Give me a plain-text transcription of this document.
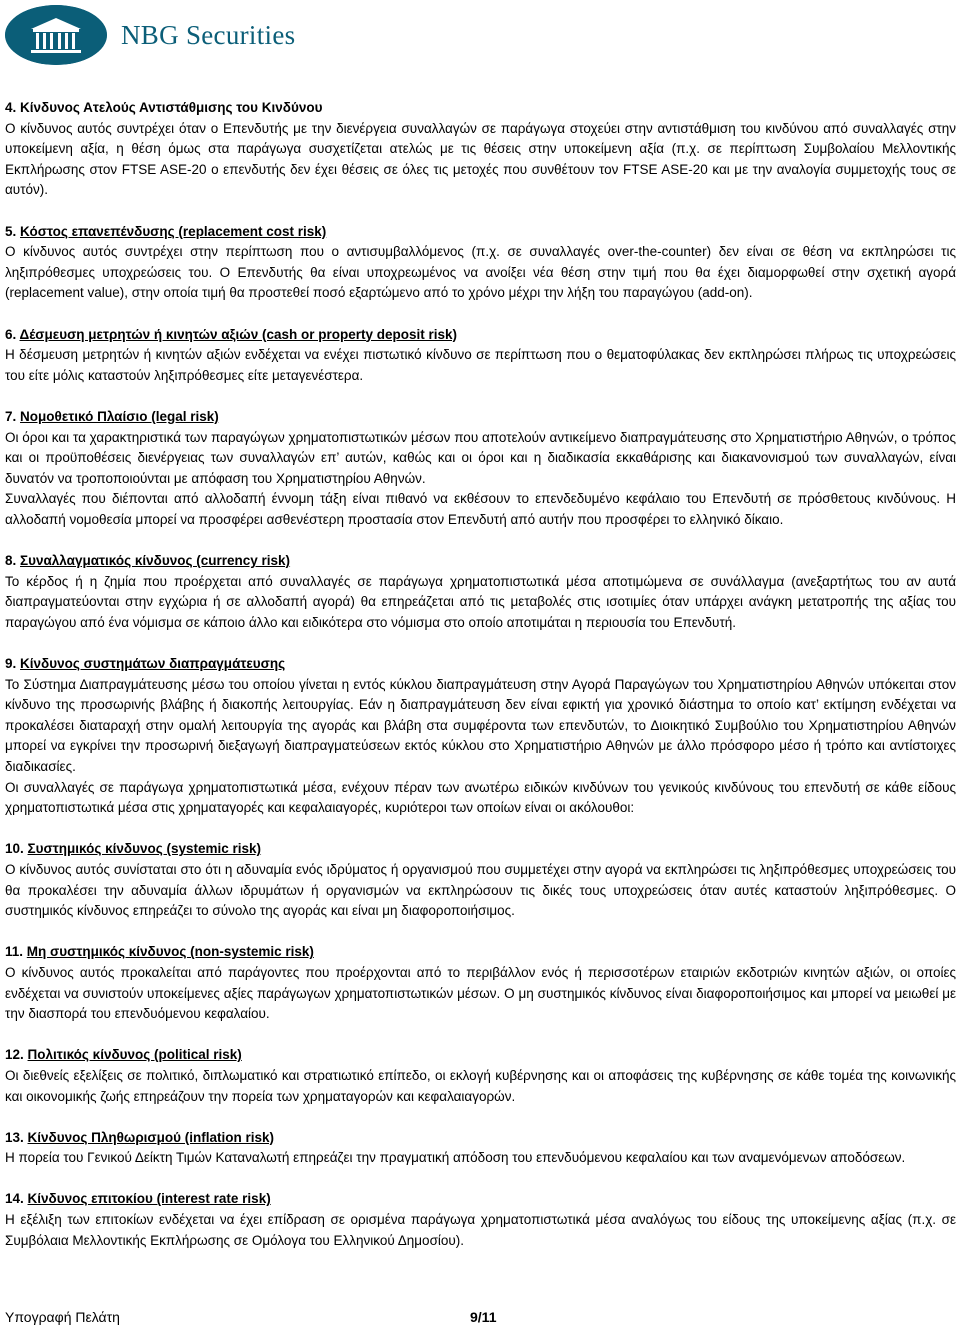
NBG Securities
4. Κίνδυνος Ατελούς Αντιστάθμισης του Κινδύνου

Ο κίνδυνος αυτός συντρέχει όταν ο Επενδυτής με την διενέργεια συναλλαγών σε παράγωγα στοχεύει στην αντιστάθμιση του κινδύνου από συναλλαγές στην υποκείμενη αξία, η θέση όμως στα παράγωγα συσχετίζεται ατελώς με τις θέσεις στην υποκείμενη αξία (π.χ. σε περίπτωση Συμβολαίου Μελλοντικής Εκπλήρωσης στον FTSE ASE-20 ο επενδυτής δεν έχει θέσεις σε όλες τις μετοχές που συνθέτουν τον FTSE ASE-20 και με την αναλογία συμμετοχής τους σε αυτόν).

5. Κόστος επανεπένδυσης (replacement cost risk)

Ο κίνδυνος αυτός συντρέχει στην περίπτωση που ο αντισυμβαλλόμενος (π.χ. σε συναλλαγές over-the-counter) δεν είναι σε θέση να εκπληρώσει τις ληξιπρόθεσμες υποχρεώσεις του. Ο Επενδυτής θα είναι υποχρεωμένος να ανοίξει νέα θέση στην τιμή που θα έχει διαμορφωθεί στην σχετική αγορά (replacement value), στην οποία τιμή θα προστεθεί ποσό εξαρτώμενο από το χρόνο μέχρι την λήξη του παραγώγου (add-on).

6. Δέσμευση μετρητών ή κινητών αξιών (cash or property deposit risk)

Η δέσμευση μετρητών ή κινητών αξιών ενδέχεται να ενέχει πιστωτικό κίνδυνο σε περίπτωση που ο θεματοφύλακας δεν εκπληρώσει πλήρως τις υποχρεώσεις του είτε μόλις καταστούν ληξιπρόθεσμες είτε μεταγενέστερα.

7. Νομοθετικό Πλαίσιο (legal risk)

Οι όροι και τα χαρακτηριστικά των παραγώγων χρηματοπιστωτικών μέσων που αποτελούν αντικείμενο διαπραγμάτευσης στο Χρηματιστήριο Αθηνών, ο τρόπος και οι προϋποθέσεις διενέργειας των συναλλαγών επ’ αυτών, καθώς και οι όροι και η διαδικασία εκκαθάρισης και διακανονισμού των συναλλαγών, είναι δυνατόν να τροποποιούνται με απόφαση του Χρηματιστηρίου Αθηνών.

Συναλλαγές που διέπονται από αλλοδαπή έννομη τάξη είναι πιθανό να εκθέσουν το επενδεδυμένο κεφάλαιο του Επενδυτή σε πρόσθετους κινδύνους. Η αλλοδαπή νομοθεσία μπορεί να προσφέρει ασθενέστερη προστασία στον Επενδυτή από αυτήν που προσφέρει το ελληνικό δίκαιο.

8. Συναλλαγματικός κίνδυνος (currency risk)

Το κέρδος ή η ζημία που προέρχεται από συναλλαγές σε παράγωγα χρηματοπιστωτικά μέσα αποτιμώμενα σε συνάλλαγμα (ανεξαρτήτως του αν αυτά διαπραγματεύονται στην εγχώρια ή σε αλλοδαπή αγορά) θα επηρεάζεται από τις μεταβολές στις ισοτιμίες όταν υπάρχει ανάγκη μετατροπής της αξίας του παραγώγου από ένα νόμισμα σε κάποιο άλλο και ειδικότερα στο νόμισμα στο οποίο αποτιμάται η περιουσία του Επενδυτή.

9. Κίνδυνος συστημάτων διαπραγμάτευσης

Το Σύστημα Διαπραγμάτευσης μέσω του οποίου γίνεται η εντός κύκλου διαπραγμάτευση στην Αγορά Παραγώγων του Χρηματιστηρίου Αθηνών υπόκειται στον κίνδυνο της προσωρινής βλάβης ή διακοπής λειτουργίας. Εάν η διαπραγμάτευση δεν είναι εφικτή για χρονικό διάστημα το οποίο κατ’ εκτίμηση ενδέχεται να προκαλέσει διαταραχή στην ομαλή λειτουργία της αγοράς και βλάβη στα συμφέροντα των επενδυτών, το Διοικητικό Συμβούλιο του Χρηματιστηρίου Αθηνών μπορεί να εγκρίνει την προσωρινή διεξαγωγή διαπραγματεύσεων εκτός κύκλου στο Χρηματιστήριο Αθηνών με άλλο πρόσφορο μέσο ή τρόπο και αντίστοιχες διαδικασίες.

Οι συναλλαγές σε παράγωγα χρηματοπιστωτικά μέσα, ενέχουν πέραν των ανωτέρω ειδικών κινδύνων του γενικούς κινδύνους του επενδυτή σε κάθε είδους χρηματοπιστωτικά μέσα στις χρηματαγορές και κεφαλαιαγορές, κυριότεροι των οποίων είναι οι ακόλουθοι:

10. Συστημικός κίνδυνος (systemic risk)

Ο κίνδυνος αυτός συνίσταται στο ότι η αδυναμία ενός ιδρύματος ή οργανισμού που συμμετέχει στην αγορά να εκπληρώσει τις ληξιπρόθεσμες υποχρεώσεις του θα προκαλέσει την αδυναμία άλλων ιδρυμάτων ή οργανισμών να εκπληρώσουν τις δικές τους υποχρεώσεις όταν αυτές καταστούν ληξιπρόθεσμες. Ο συστημικός κίνδυνος επηρεάζει το σύνολο της αγοράς και είναι μη διαφοροποιήσιμος.

11. Μη συστημικός κίνδυνος (non-systemic risk)

Ο κίνδυνος αυτός προκαλείται από παράγοντες που προέρχονται από το περιβάλλον ενός ή περισσοτέρων εταιριών εκδοτριών κινητών αξιών, οι οποίες ενδέχεται να συνιστούν υποκείμενες αξίες παράγωγων χρηματοπιστωτικών μέσων. Ο μη συστημικός κίνδυνος είναι διαφοροποιήσιμος και μπορεί να μειωθεί με την διασπορά του επενδυόμενου κεφαλαίου.

12. Πολιτικός κίνδυνος (political risk)

Οι διεθνείς εξελίξεις σε πολιτικό, διπλωματικό και στρατιωτικό επίπεδο, οι εκλογή κυβέρνησης και οι αποφάσεις της κυβέρνησης σε κάθε τομέα της κοινωνικής και οικονομικής ζωής επηρεάζουν την πορεία των χρηματαγορών και κεφαλαιαγορών.

13. Κίνδυνος Πληθωρισμού (inflation risk)

Η πορεία του Γενικού Δείκτη Τιμών Καταναλωτή επηρεάζει την πραγματική απόδοση του επενδυόμενου κεφαλαίου και των αναμενόμενων αποδόσεων.

14. Κίνδυνος επιτοκίου (interest rate risk)

Η εξέλιξη των επιτοκίων ενδέχεται να έχει επίδραση σε ορισμένα παράγωγα χρηματοπιστωτικά μέσα αναλόγως του είδους της υποκείμενης αξίας (π.χ. σε Συμβόλαια Μελλοντικής Εκπλήρωσης σε Ομόλογα του Ελληνικού Δημοσίου).

Υπογραφή Πελάτη	9/11
